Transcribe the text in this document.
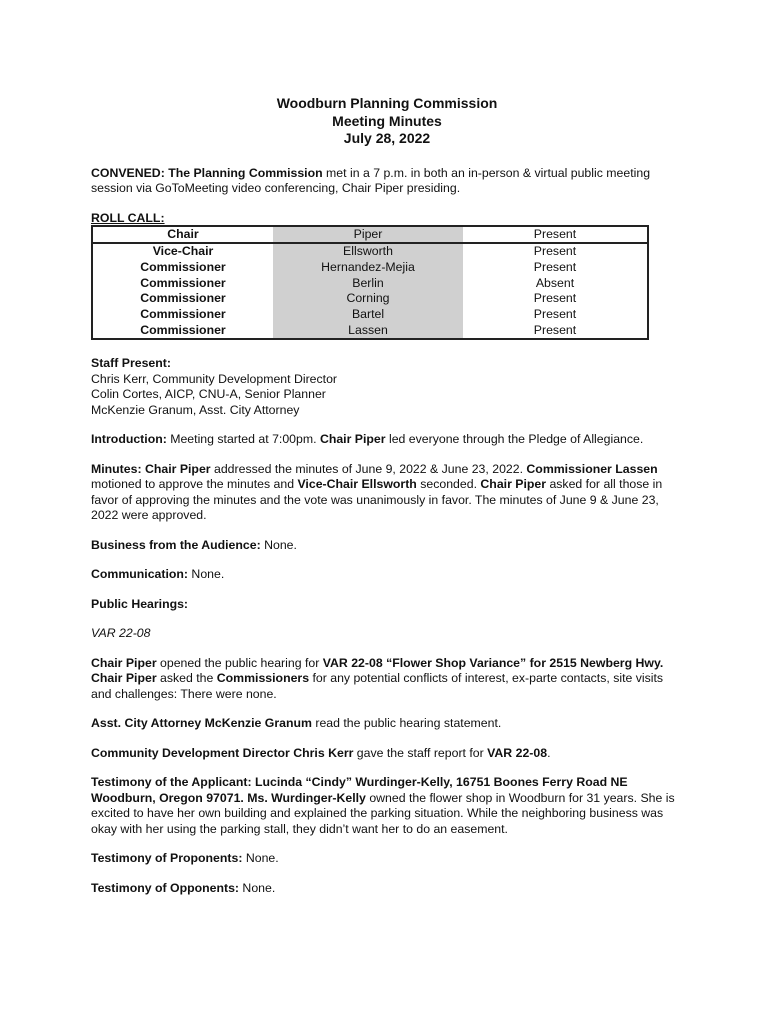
Woodburn Planning Commission
Meeting Minutes
July 28, 2022

CONVENED: The Planning Commission met in a 7 p.m. in both an in-person & virtual public meeting session via GoToMeeting video conferencing, Chair Piper presiding.

ROLL CALL:
Chair	Piper	Present
Vice-Chair	Ellsworth	Present
Commissioner	Hernandez-Mejia	Present
Commissioner	Berlin	Absent
Commissioner	Corning	Present
Commissioner	Bartel	Present
Commissioner	Lassen	Present
Staff Present:
Chris Kerr, Community Development Director
Colin Cortes, AICP, CNU-A, Senior Planner
McKenzie Granum, Asst. City Attorney

Introduction: Meeting started at 7:00pm. Chair Piper led everyone through the Pledge of Allegiance.

Minutes: Chair Piper addressed the minutes of June 9, 2022 & June 23, 2022. Commissioner Lassen motioned to approve the minutes and Vice-Chair Ellsworth seconded. Chair Piper asked for all those in favor of approving the minutes and the vote was unanimously in favor. The minutes of June 9 & June 23, 2022 were approved.

Business from the Audience: None.

Communication: None.

Public Hearings:

VAR 22-08

Chair Piper opened the public hearing for VAR 22-08 “Flower Shop Variance” for 2515 Newberg Hwy. Chair Piper asked the Commissioners for any potential conflicts of interest, ex-parte contacts, site visits and challenges: There were none.

Asst. City Attorney McKenzie Granum read the public hearing statement.

Community Development Director Chris Kerr gave the staff report for VAR 22-08.

Testimony of the Applicant: Lucinda “Cindy” Wurdinger-Kelly, 16751 Boones Ferry Road NE Woodburn, Oregon 97071. Ms. Wurdinger-Kelly owned the flower shop in Woodburn for 31 years. She is excited to have her own building and explained the parking situation. While the neighboring business was okay with her using the parking stall, they didn’t want her to do an easement.

Testimony of Proponents: None.

Testimony of Opponents: None.
